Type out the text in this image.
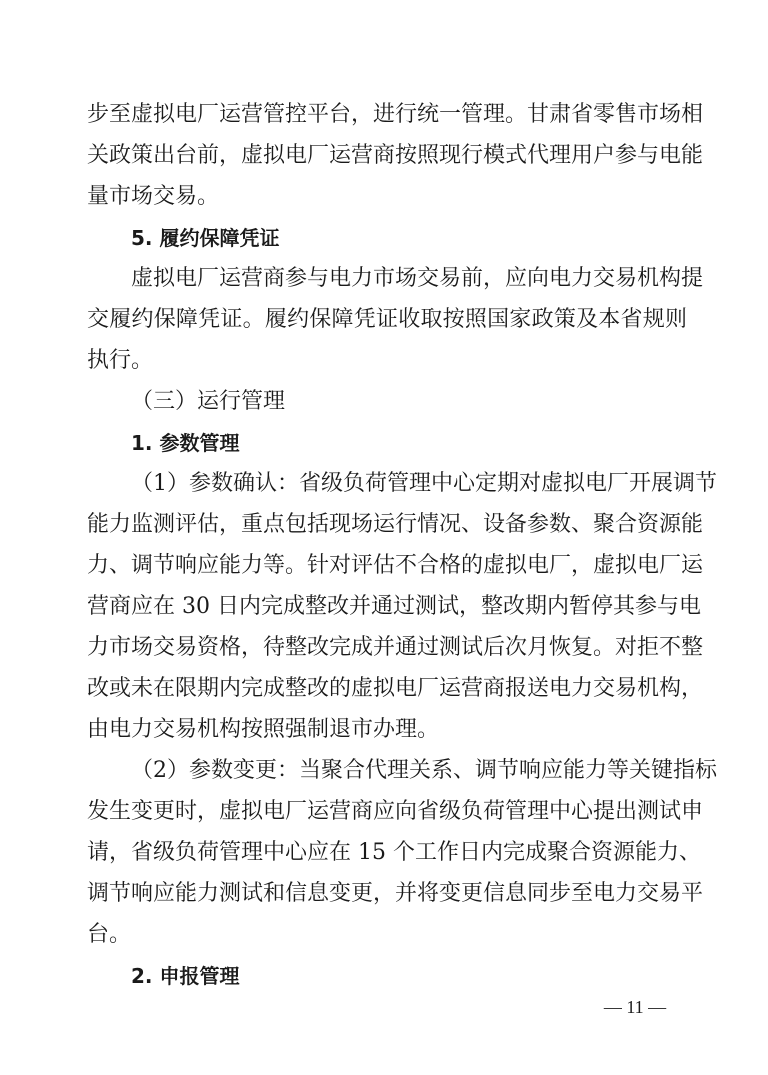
步至虚拟电厂运营管控平台，进行统一管理。甘肃省零售市场相
关政策出台前，虚拟电厂运营商按照现行模式代理用户参与电能
量市场交易。
5. 履约保障凭证
虚拟电厂运营商参与电力市场交易前，应向电力交易机构提
交履约保障凭证。履约保障凭证收取按照国家政策及本省规则
执行。
（三）运行管理
1. 参数管理
（1）参数确认：省级负荷管理中心定期对虚拟电厂开展调节
能力监测评估，重点包括现场运行情况、设备参数、聚合资源能
力、调节响应能力等。针对评估不合格的虚拟电厂，虚拟电厂运
营商应在 30 日内完成整改并通过测试，整改期内暂停其参与电
力市场交易资格，待整改完成并通过测试后次月恢复。对拒不整
改或未在限期内完成整改的虚拟电厂运营商报送电力交易机构，
由电力交易机构按照强制退市办理。
（2）参数变更：当聚合代理关系、调节响应能力等关键指标
发生变更时，虚拟电厂运营商应向省级负荷管理中心提出测试申
请，省级负荷管理中心应在 15 个工作日内完成聚合资源能力、
调节响应能力测试和信息变更，并将变更信息同步至电力交易平
台。
2. 申报管理
— 11 —
